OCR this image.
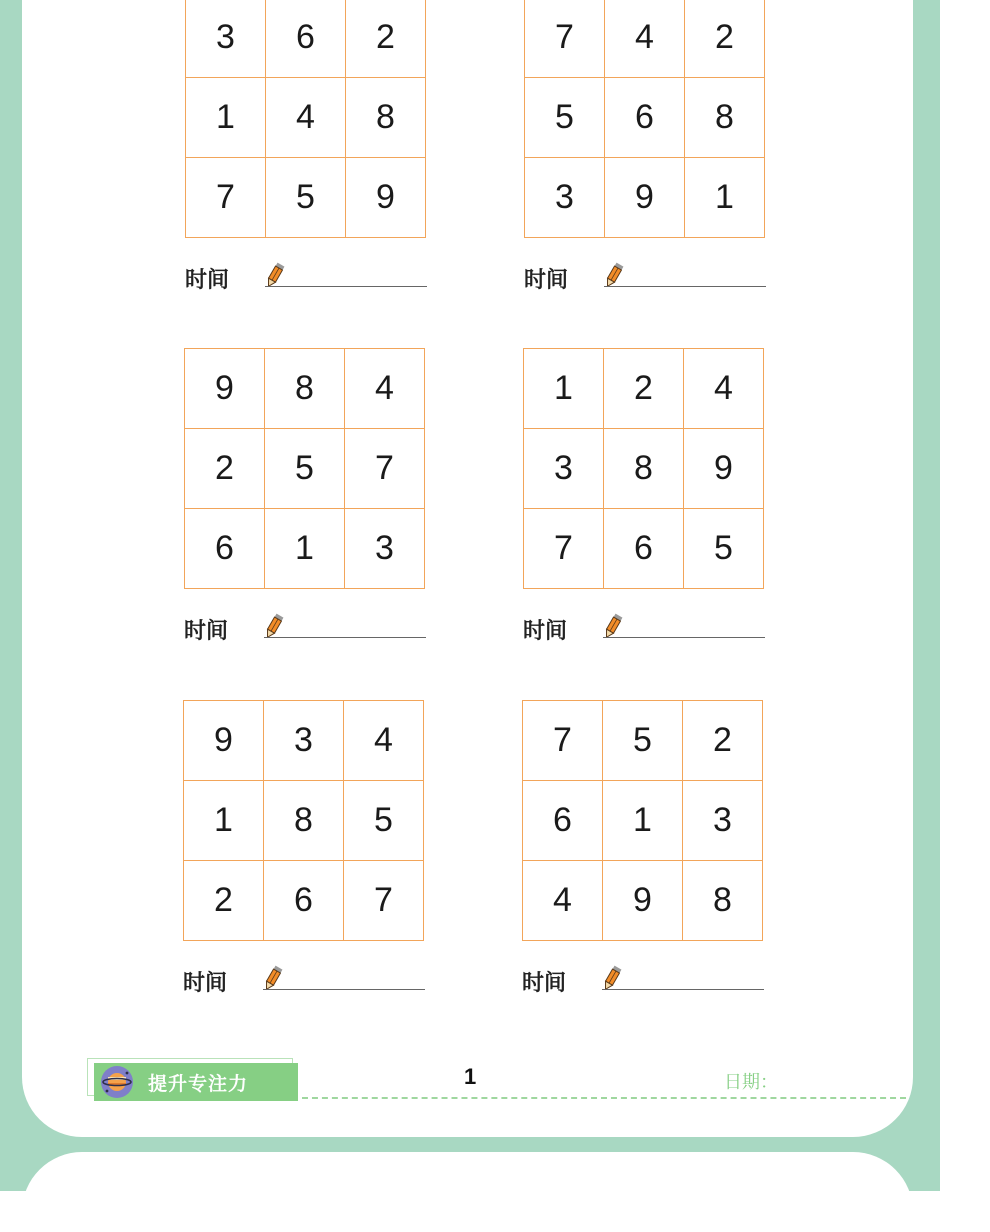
3	6	2
1	4	8
7	5	9
时间
7	4	2
5	6	8
3	9	1
时间
9	8	4
2	5	7
6	1	3
时间
1	2	4
3	8	9
7	6	5
时间
9	3	4
1	8	5
2	6	7
时间
7	5	2
6	1	3
4	9	8
时间
提升专注力	1	日期：
